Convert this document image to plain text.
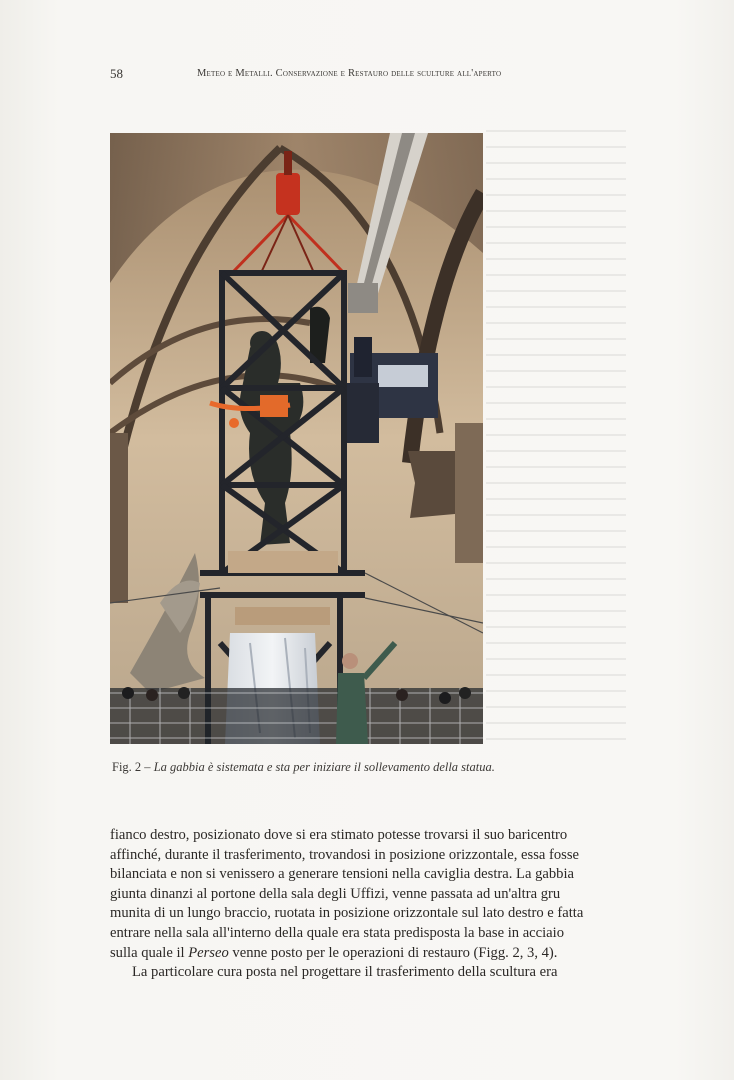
58	Meteo e Metalli. Conservazione e Restauro delle sculture all'aperto
Fig. 2 – La gabbia è sistemata e sta per iniziare il sollevamento della statua.
fianco destro, posizionato dove si era stimato potesse trovarsi il suo baricentro
affinché, durante il trasferimento, trovandosi in posizione orizzontale, essa fosse
bilanciata e non si venissero a generare tensioni nella caviglia destra. La gabbia
giunta dinanzi al portone della sala degli Uffizi, venne passata ad un'altra gru
munita di un lungo braccio, ruotata in posizione orizzontale sul lato destro e fatta
entrare nella sala all'interno della quale era stata predisposta la base in acciaio
sulla quale il Perseo venne posto per le operazioni di restauro (Figg. 2, 3, 4).
La particolare cura posta nel progettare il trasferimento della scultura era
